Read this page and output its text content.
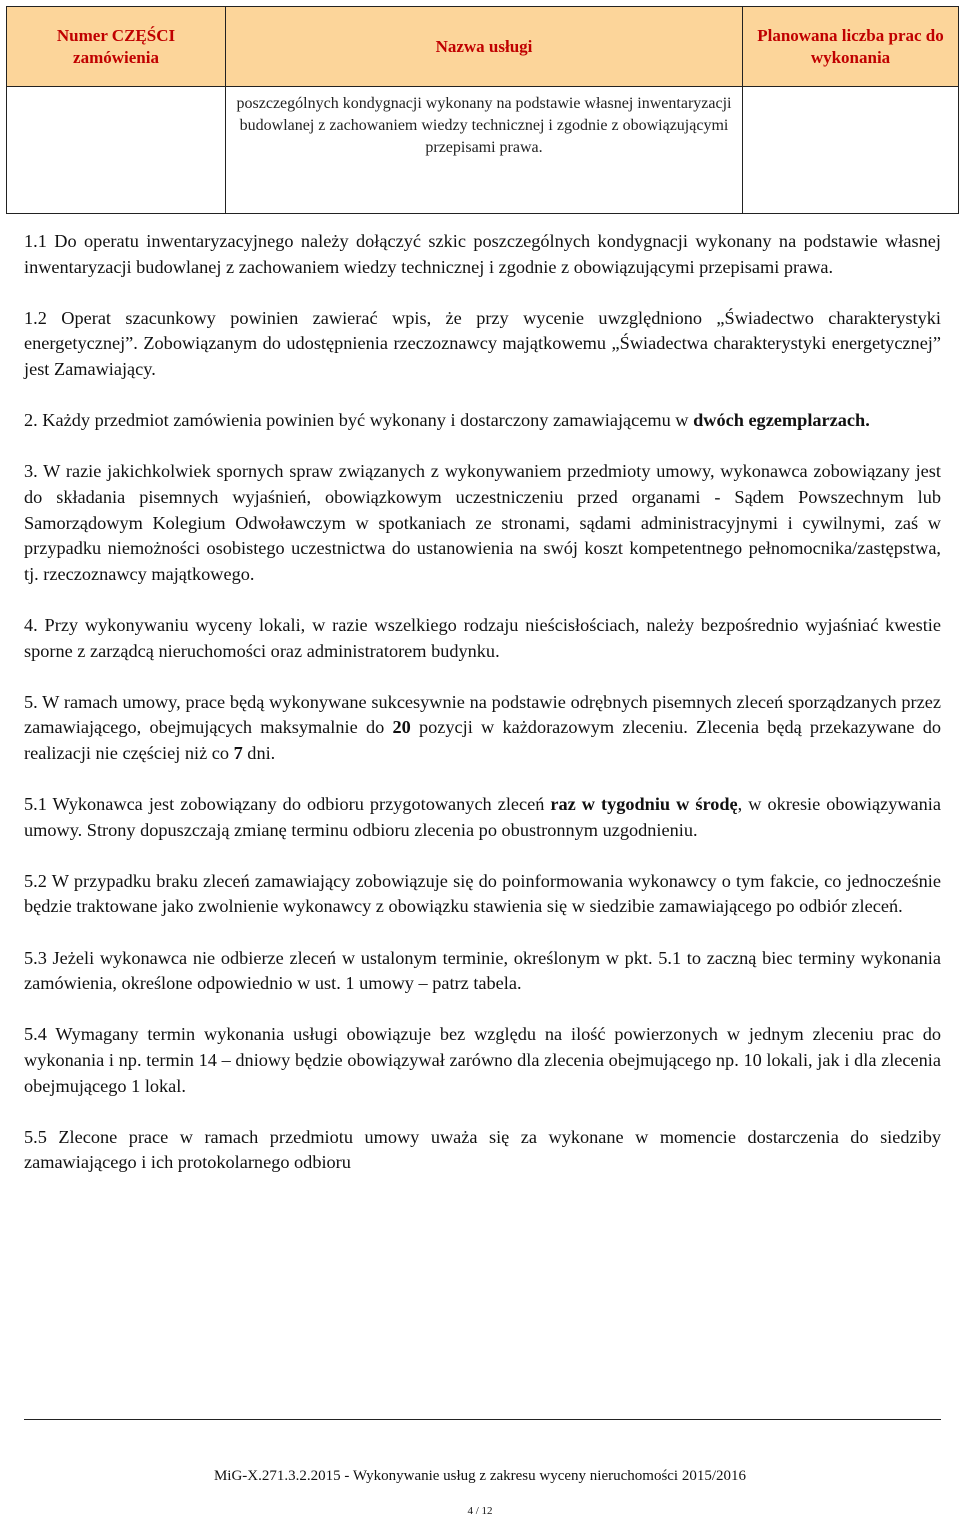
Numer CZĘŚCI zamówienia	Nazwa usługi	Planowana liczba prac do wykonania
	poszczególnych kondygnacji wykonany na podstawie własnej inwentaryzacji budowlanej z zachowaniem wiedzy technicznej i zgodnie z obowiązującymi przepisami prawa.	

1.1 Do operatu inwentaryzacyjnego należy dołączyć szkic poszczególnych kondygnacji wykonany na podstawie własnej inwentaryzacji budowlanej z zachowaniem wiedzy technicznej i zgodnie z obowiązującymi przepisami prawa.

1.2 Operat szacunkowy powinien zawierać wpis, że przy wycenie uwzględniono „Świadectwo charakterystyki energetycznej”. Zobowiązanym do udostępnienia rzeczoznawcy majątkowemu „Świadectwa charakterystyki energetycznej” jest Zamawiający.

2. Każdy przedmiot zamówienia powinien być wykonany i dostarczony zamawiającemu w dwóch egzemplarzach.

3. W razie jakichkolwiek spornych spraw związanych z wykonywaniem przedmioty umowy, wykonawca zobowiązany jest do składania pisemnych wyjaśnień, obowiązkowym uczestniczeniu przed organami - Sądem Powszechnym lub Samorządowym Kolegium Odwoławczym w spotkaniach ze stronami, sądami administracyjnymi i cywilnymi, zaś w przypadku niemożności osobistego uczestnictwa do ustanowienia na swój koszt kompetentnego pełnomocnika/zastępstwa, tj. rzeczoznawcy majątkowego.

4. Przy wykonywaniu wyceny lokali, w razie wszelkiego rodzaju nieścisłościach, należy bezpośrednio wyjaśniać kwestie sporne z zarządcą nieruchomości oraz administratorem budynku.

5. W ramach umowy, prace będą wykonywane sukcesywnie na podstawie odrębnych pisemnych zleceń sporządzanych przez zamawiającego, obejmujących maksymalnie do 20 pozycji w każdorazowym zleceniu. Zlecenia będą przekazywane do realizacji nie częściej niż co 7 dni.

5.1 Wykonawca jest zobowiązany do odbioru przygotowanych zleceń raz w tygodniu w środę, w okresie obowiązywania umowy. Strony dopuszczają zmianę terminu odbioru zlecenia po obustronnym uzgodnieniu.

5.2 W przypadku braku zleceń zamawiający zobowiązuje się do poinformowania wykonawcy o tym fakcie, co jednocześnie będzie traktowane jako zwolnienie wykonawcy z obowiązku stawienia się w siedzibie zamawiającego po odbiór zleceń.

5.3 Jeżeli wykonawca nie odbierze zleceń w ustalonym terminie, określonym w pkt. 5.1 to zaczną biec terminy wykonania zamówienia, określone odpowiednio w ust. 1 umowy – patrz tabela.

5.4 Wymagany termin wykonania usługi obowiązuje bez względu na ilość powierzonych w jednym zleceniu prac do wykonania i np. termin 14 – dniowy będzie obowiązywał zarówno dla zlecenia obejmującego np. 10 lokali, jak i dla zlecenia obejmującego 1 lokal.

5.5 Zlecone prace w ramach przedmiotu umowy uważa się za wykonane w momencie dostarczenia do siedziby zamawiającego i ich protokolarnego odbioru

MiG-X.271.3.2.2015 - Wykonywanie usług z zakresu wyceny nieruchomości 2015/2016
4 / 12
